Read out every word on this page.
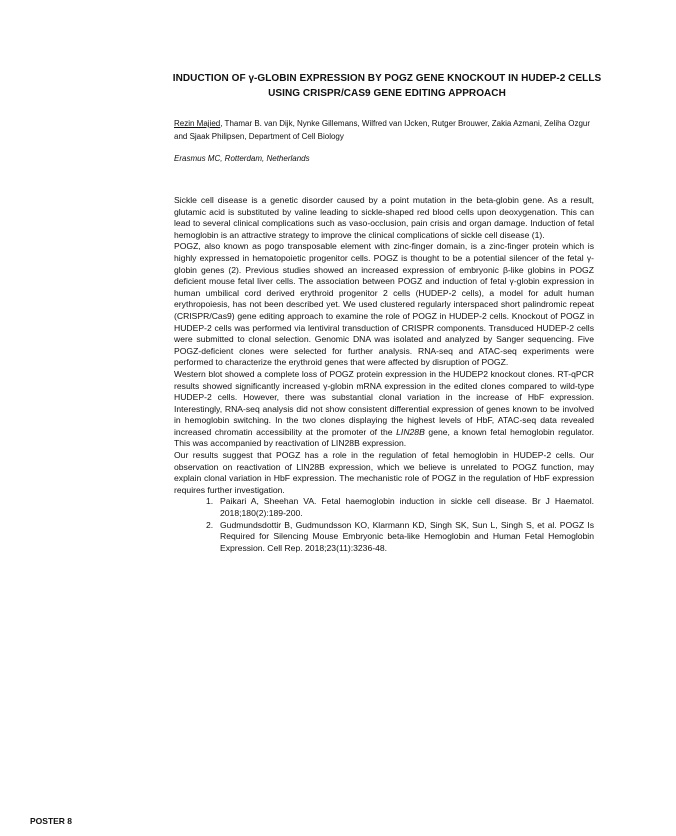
INDUCTION OF γ-GLOBIN EXPRESSION BY POGZ GENE KNOCKOUT IN HUDEP-2 CELLS USING CRISPR/CAS9 GENE EDITING APPROACH
Rezin Majied, Thamar B. van Dijk, Nynke Gillemans, Wilfred van IJcken, Rutger Brouwer, Zakia Azmani, Zeliha Ozgur and Sjaak Philipsen, Department of Cell Biology
Erasmus MC, Rotterdam, Netherlands

Sickle cell disease is a genetic disorder caused by a point mutation in the beta-globin gene. As a result, glutamic acid is substituted by valine leading to sickle-shaped red blood cells upon deoxygenation. This can lead to several clinical complications such as vaso-occlusion, pain crisis and organ damage. Induction of fetal hemoglobin is an attractive strategy to improve the clinical complications of sickle cell disease (1).

POGZ, also known as pogo transposable element with zinc-finger domain, is a zinc-finger protein which is highly expressed in hematopoietic progenitor cells. POGZ is thought to be a potential silencer of the fetal γ-globin genes (2). Previous studies showed an increased expression of embryonic β-like globins in POGZ deficient mouse fetal liver cells. The association between POGZ and induction of fetal γ-globin expression in human umbilical cord derived erythroid progenitor 2 cells (HUDEP-2 cells), a model for adult human erythropoiesis, has not been described yet. We used clustered regularly interspaced short palindromic repeat (CRISPR/Cas9) gene editing approach to examine the role of POGZ in HUDEP-2 cells. Knockout of POGZ in HUDEP-2 cells was performed via lentiviral transduction of CRISPR components. Transduced HUDEP-2 cells were submitted to clonal selection. Genomic DNA was isolated and analyzed by Sanger sequencing. Five POGZ-deficient clones were selected for further analysis. RNA-seq and ATAC-seq experiments were performed to characterize the erythroid genes that were affected by disruption of POGZ.

Western blot showed a complete loss of POGZ protein expression in the HUDEP2 knockout clones. RT-qPCR results showed significantly increased γ-globin mRNA expression in the edited clones compared to wild-type HUDEP-2 cells. However, there was substantial clonal variation in the increase of HbF expression. Interestingly, RNA-seq analysis did not show consistent differential expression of genes known to be involved in hemoglobin switching. In the two clones displaying the highest levels of HbF, ATAC-seq data revealed increased chromatin accessibility at the promoter of the LIN28B gene, a known fetal hemoglobin regulator. This was accompanied by reactivation of LIN28B expression.

Our results suggest that POGZ has a role in the regulation of fetal hemoglobin in HUDEP-2 cells. Our observation on reactivation of LIN28B expression, which we believe is unrelated to POGZ function, may explain clonal variation in HbF expression. The mechanistic role of POGZ in the regulation of HbF expression requires further investigation.

1. Paikari A, Sheehan VA. Fetal haemoglobin induction in sickle cell disease. Br J Haematol. 2018;180(2):189-200.
2. Gudmundsdottir B, Gudmundsson KO, Klarmann KD, Singh SK, Sun L, Singh S, et al. POGZ Is Required for Silencing Mouse Embryonic beta-like Hemoglobin and Human Fetal Hemoglobin Expression. Cell Rep. 2018;23(11):3236-48.
POSTER 8
